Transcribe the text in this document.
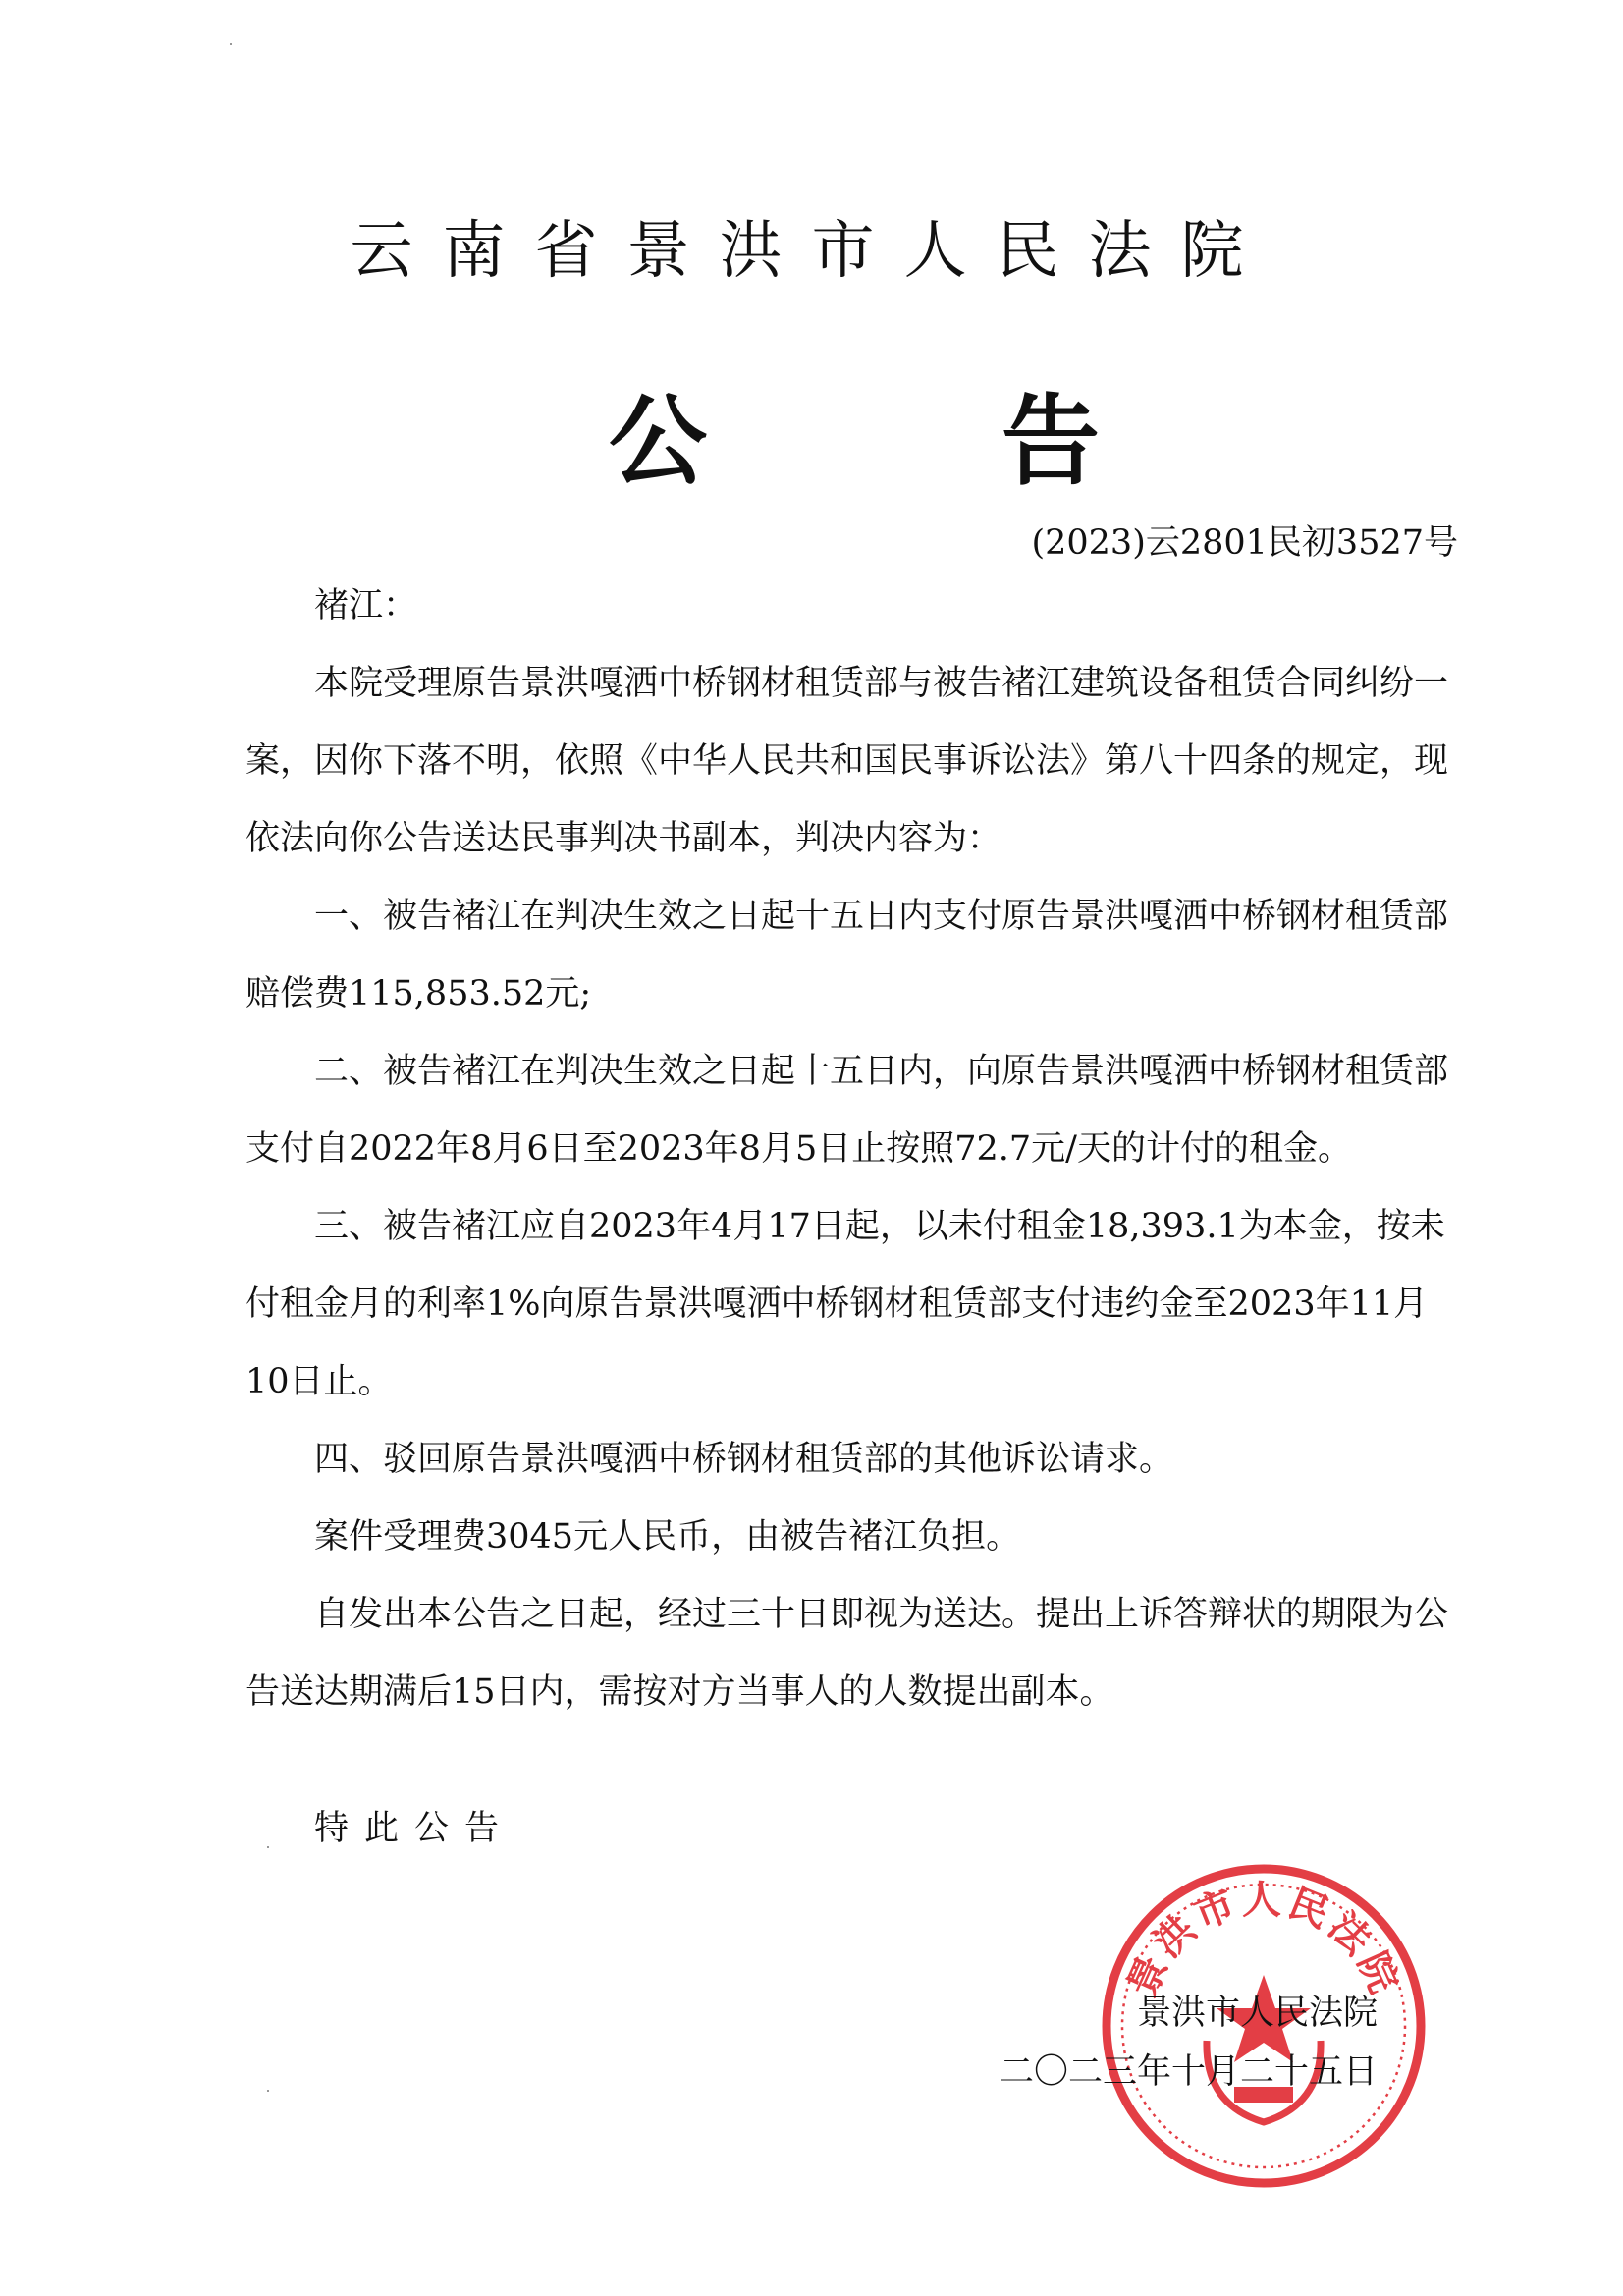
云南省景洪市人民法院
公	告
(2023)云2801民初3527号

褚江：

本院受理原告景洪嘎洒中桥钢材租赁部与被告褚江建筑设备租赁合同纠纷一案，因你下落不明，依照《中华人民共和国民事诉讼法》第八十四条的规定，现依法向你公告送达民事判决书副本，判决内容为：

一、被告褚江在判决生效之日起十五日内支付原告景洪嘎洒中桥钢材租赁部赔偿费115,853.52元;

二、被告褚江在判决生效之日起十五日内，向原告景洪嘎洒中桥钢材租赁部支付自2022年8月6日至2023年8月5日止按照72.7元/天的计付的租金。

三、被告褚江应自2023年4月17日起，以未付租金18,393.1为本金，按未付租金月的利率1%向原告景洪嘎洒中桥钢材租赁部支付违约金至2023年11月10日止。

四、驳回原告景洪嘎洒中桥钢材租赁部的其他诉讼请求。

案件受理费3045元人民币，由被告褚江负担。

自发出本公告之日起，经过三十日即视为送达。提出上诉答辩状的期限为公告送达期满后15日内，需按对方当事人的人数提出副本。

特此公告

景洪市人民法院
景洪市人民法院
二〇二三年十月二十五日
